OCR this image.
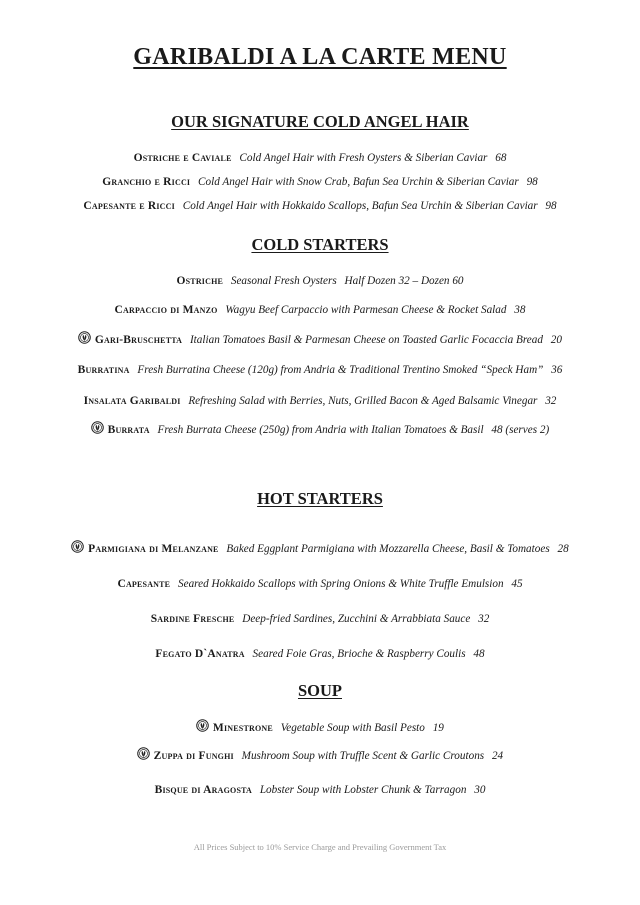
GARIBALDI A LA CARTE MENU
OUR SIGNATURE COLD ANGEL HAIR
Ostriche e Caviale Cold Angel Hair with Fresh Oysters & Siberian Caviar 68
Granchio e Ricci Cold Angel Hair with Snow Crab, Bafun Sea Urchin & Siberian Caviar 98
Capesante e Ricci Cold Angel Hair with Hokkaido Scallops, Bafun Sea Urchin & Siberian Caviar 98
COLD STARTERS
Ostriche Seasonal Fresh Oysters Half Dozen 32 – Dozen 60
Carpaccio di Manzo Wagyu Beef Carpaccio with Parmesan Cheese & Rocket Salad 38
Gari-Bruschetta Italian Tomatoes Basil & Parmesan Cheese on Toasted Garlic Focaccia Bread 20
Burratina Fresh Burratina Cheese (120g) from Andria & Traditional Trentino Smoked “Speck Ham” 36
Insalata Garibaldi Refreshing Salad with Berries, Nuts, Grilled Bacon & Aged Balsamic Vinegar 32
Burrata Fresh Burrata Cheese (250g) from Andria with Italian Tomatoes & Basil 48 (serves 2)
HOT STARTERS
Parmigiana di Melanzane Baked Eggplant Parmigiana with Mozzarella Cheese, Basil & Tomatoes 28
Capesante Seared Hokkaido Scallops with Spring Onions & White Truffle Emulsion 45
Sardine Fresche Deep-fried Sardines, Zucchini & Arrabbiata Sauce 32
Fegato D`Anatra Seared Foie Gras, Brioche & Raspberry Coulis 48
SOUP
Minestrone Vegetable Soup with Basil Pesto 19
Zuppa di Funghi Mushroom Soup with Truffle Scent & Garlic Croutons 24
Bisque di Aragosta Lobster Soup with Lobster Chunk & Tarragon 30
All Prices Subject to 10% Service Charge and Prevailing Government Tax
